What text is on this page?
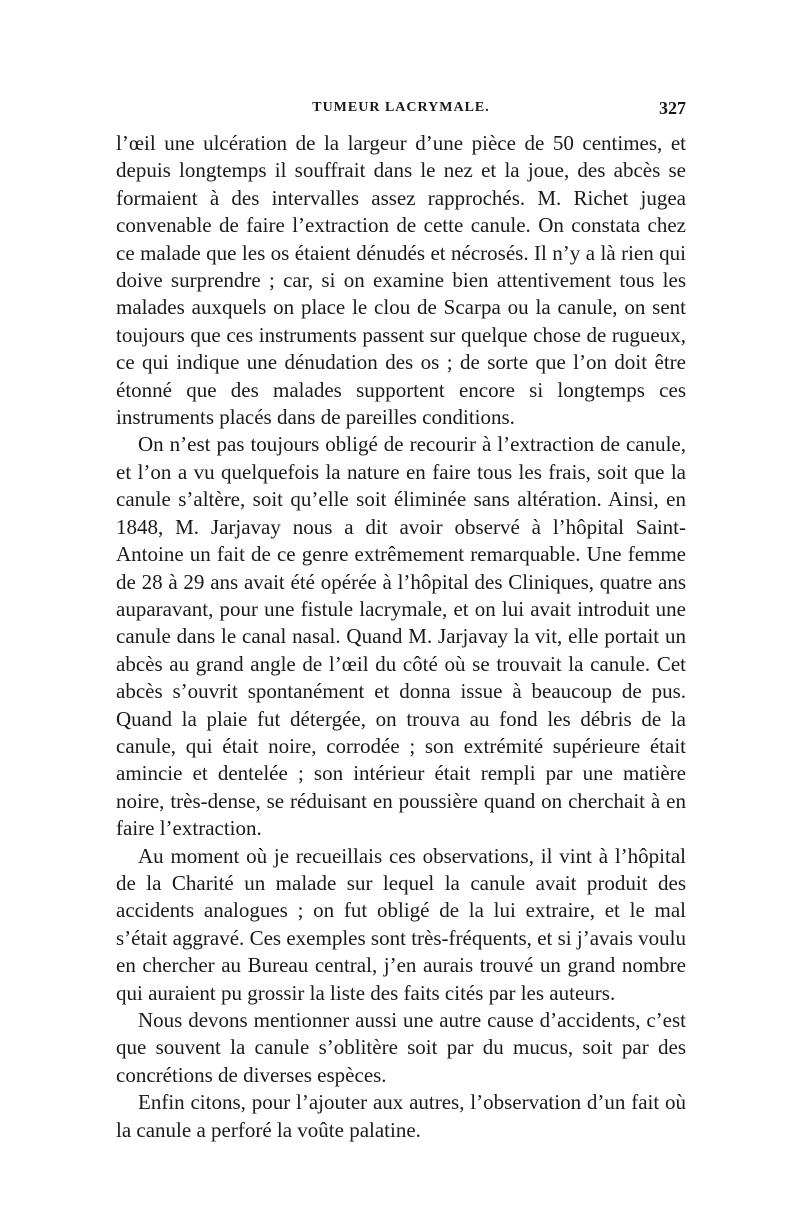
TUMEUR LACRYMALE.	327

l’œil une ulcération de la largeur d’une pièce de 50 centimes, et depuis longtemps il souffrait dans le nez et la joue, des abcès se formaient à des intervalles assez rapprochés. M. Richet jugea convenable de faire l’extraction de cette canule. On constata chez ce malade que les os étaient dénudés et nécrosés. Il n’y a là rien qui doive surprendre ; car, si on examine bien attentivement tous les malades auxquels on place le clou de Scarpa ou la canule, on sent toujours que ces instruments passent sur quelque chose de rugueux, ce qui indique une dénudation des os ; de sorte que l’on doit être étonné que des malades supportent encore si longtemps ces instruments placés dans de pareilles conditions.

On n’est pas toujours obligé de recourir à l’extraction de canule, et l’on a vu quelquefois la nature en faire tous les frais, soit que la canule s’altère, soit qu’elle soit éliminée sans altération. Ainsi, en 1848, M. Jarjavay nous a dit avoir observé à l’hôpital Saint-Antoine un fait de ce genre extrêmement remarquable. Une femme de 28 à 29 ans avait été opérée à l’hôpital des Cliniques, quatre ans auparavant, pour une fistule lacrymale, et on lui avait introduit une canule dans le canal nasal. Quand M. Jarjavay la vit, elle portait un abcès au grand angle de l’œil du côté où se trouvait la canule. Cet abcès s’ouvrit spontanément et donna issue à beaucoup de pus. Quand la plaie fut détergée, on trouva au fond les débris de la canule, qui était noire, corrodée ; son extrémité supérieure était amincie et dentelée ; son intérieur était rempli par une matière noire, très-dense, se réduisant en poussière quand on cherchait à en faire l’extraction.

Au moment où je recueillais ces observations, il vint à l’hôpital de la Charité un malade sur lequel la canule avait produit des accidents analogues ; on fut obligé de la lui extraire, et le mal s’était aggravé. Ces exemples sont très-fréquents, et si j’avais voulu en chercher au Bureau central, j’en aurais trouvé un grand nombre qui auraient pu grossir la liste des faits cités par les auteurs.

Nous devons mentionner aussi une autre cause d’accidents, c’est que souvent la canule s’oblitère soit par du mucus, soit par des concrétions de diverses espèces.

Enfin citons, pour l’ajouter aux autres, l’observation d’un fait où la canule a perforé la voûte palatine.
